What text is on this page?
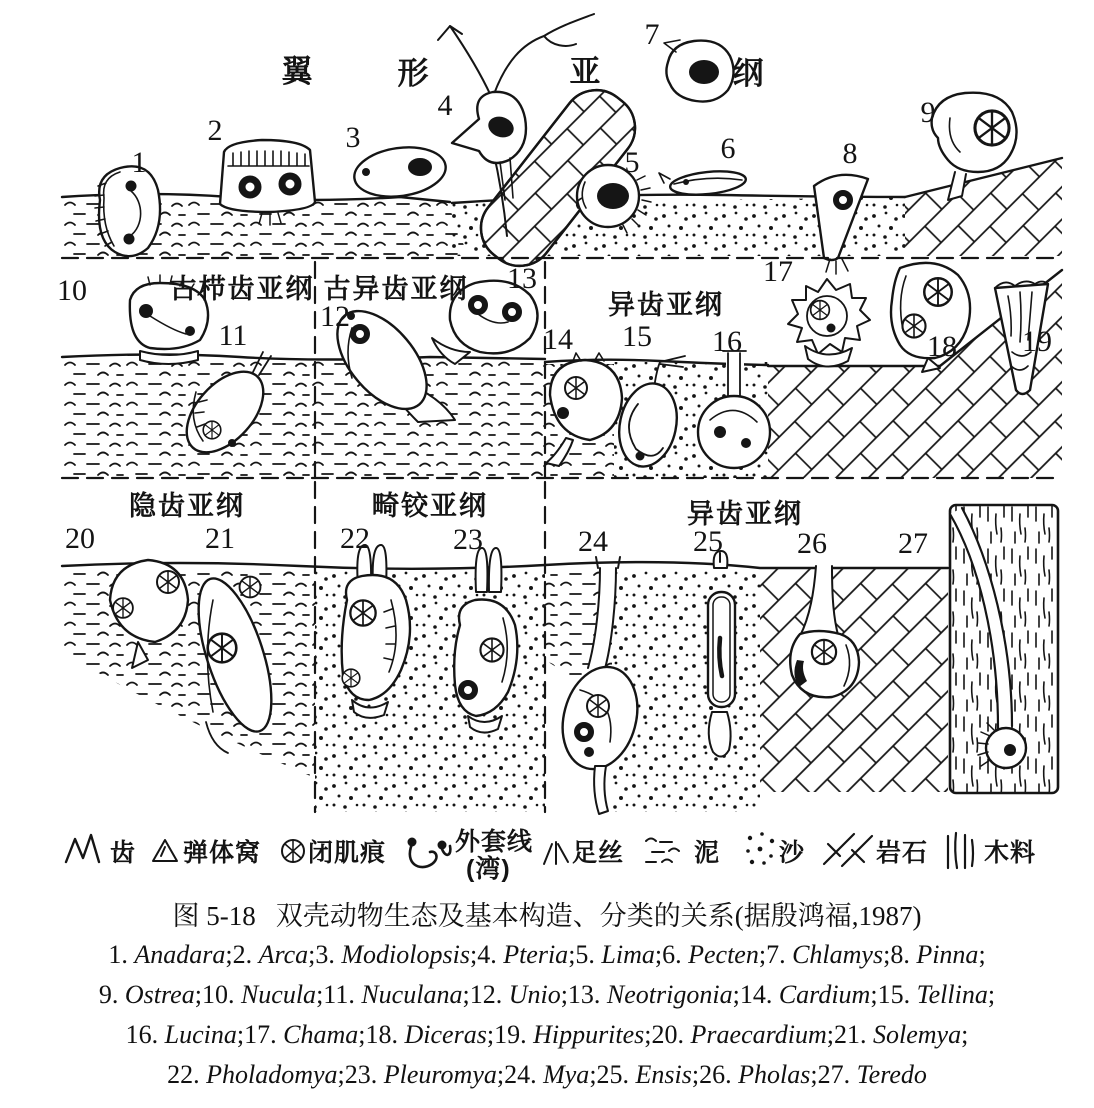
翼	形	亚	纲
古栉齿亚纲 古异齿亚纲
异齿亚纲
隐齿亚纲	畸铰亚纲	异齿亚纲
1
2	3
4
5	6
7
8
9
10
11
12
13
14 15 16
17
18 19
20	21	22	23	24	25 26 27
齿 弹体窝 闭肌痕	外套线
(湾)
足丝	泥 沙	岩石 木料
图 5-18 双壳动物生态及基本构造、分类的关系(据殷鸿福,1987)
1. Anadara;2. Arca;3. Modiolopsis;4. Pteria;5. Lima;6. Pecten;7. Chlamys;8. Pinna;
9. Ostrea;10. Nucula;11. Nuculana;12. Unio;13. Neotrigonia;14. Cardium;15. Tellina;
16. Lucina;17. Chama;18. Diceras;19. Hippurites;20. Praecardium;21. Solemya;
22. Pholadomya;23. Pleuromya;24. Mya;25. Ensis;26. Pholas;27. Teredo
